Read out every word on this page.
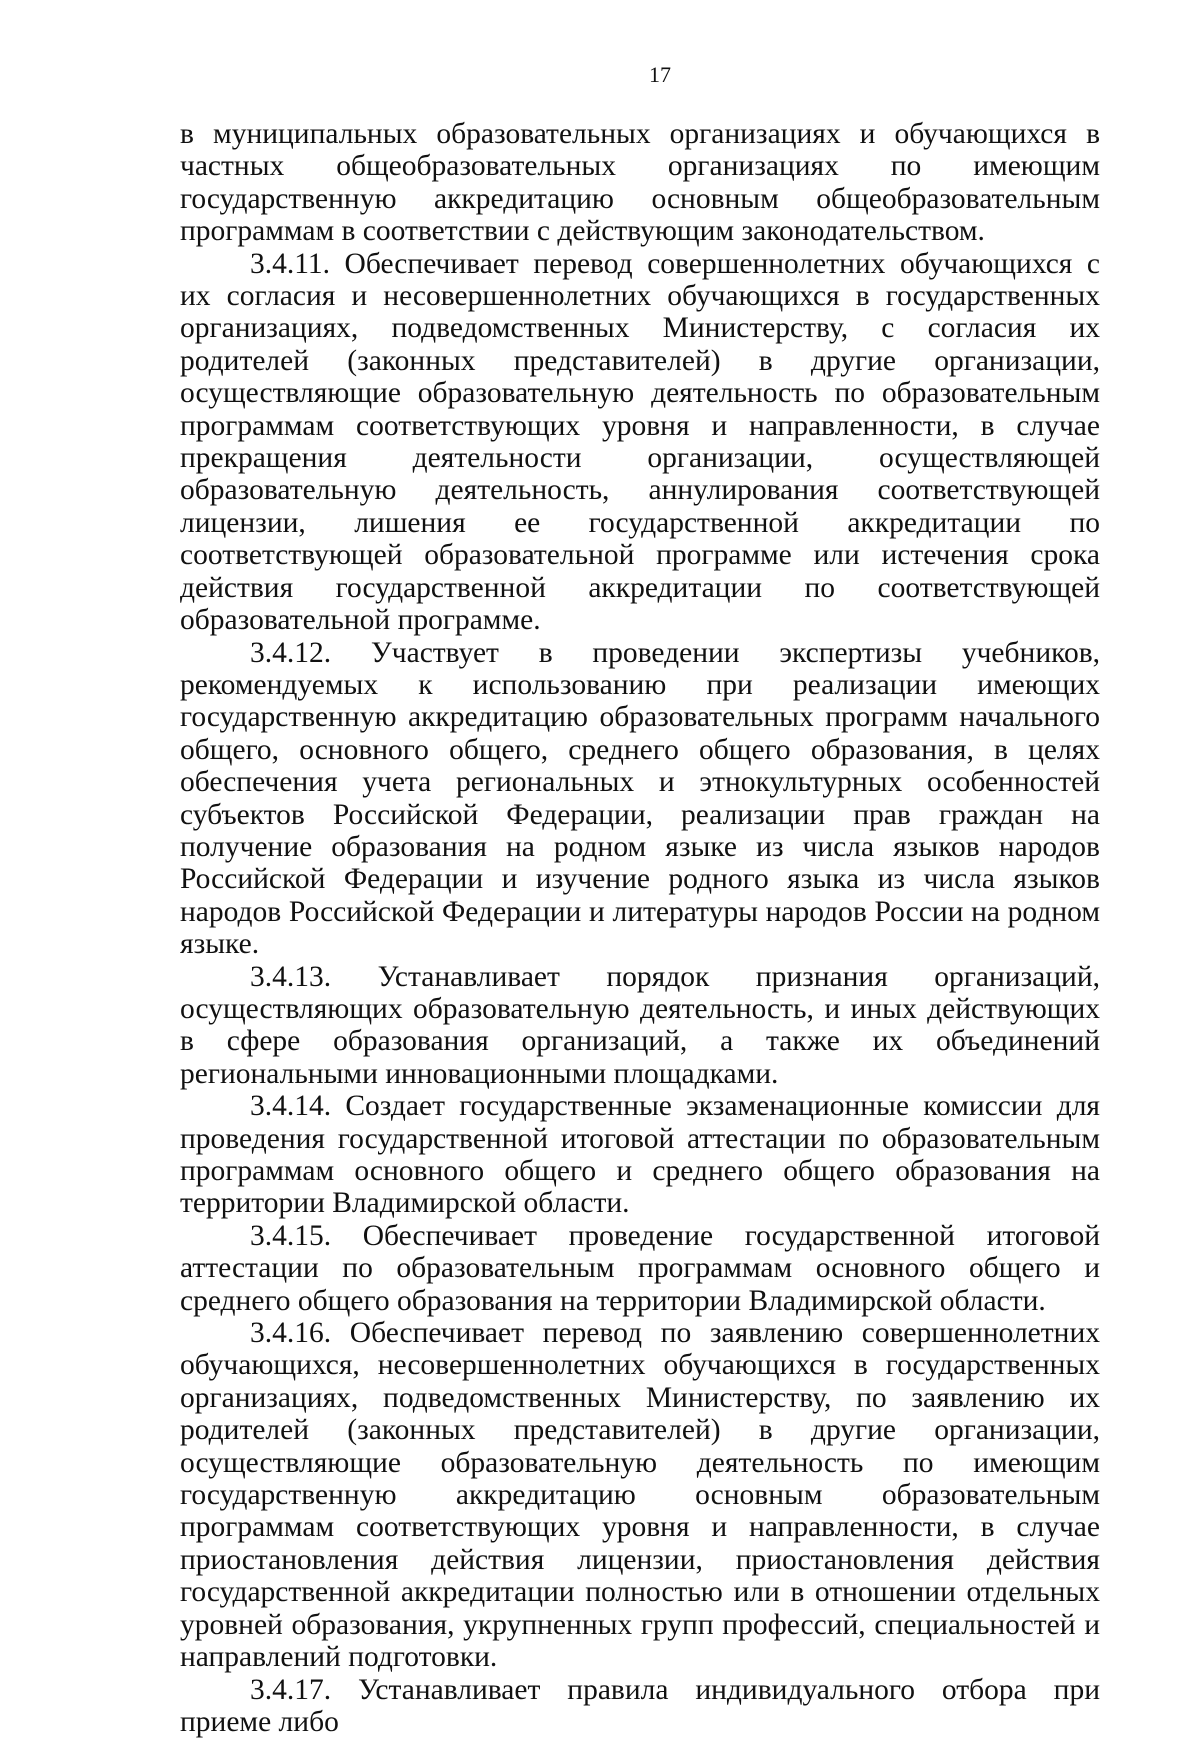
17

в муниципальных образовательных организациях и обучающихся в частных общеобразовательных организациях по имеющим государственную аккредитацию основным общеобразовательным программам в соответствии с действующим законодательством.

3.4.11. Обеспечивает перевод совершеннолетних обучающихся с их согласия и несовершеннолетних обучающихся в государственных организациях, подведомственных Министерству, с согласия их родителей (законных представителей) в другие организации, осуществляющие образовательную деятельность по образовательным программам соответствующих уровня и направленности, в случае прекращения деятельности организации, осуществляющей образовательную деятельность, аннулирования соответствующей лицензии, лишения ее государственной аккредитации по соответствующей образовательной программе или истечения срока действия государственной аккредитации по соответствующей образовательной программе.

3.4.12. Участвует в проведении экспертизы учебников, рекомендуемых к использованию при реализации имеющих государственную аккредитацию образовательных программ начального общего, основного общего, среднего общего образования, в целях обеспечения учета региональных и этнокультурных особенностей субъектов Российской Федерации, реализации прав граждан на получение образования на родном языке из числа языков народов Российской Федерации и изучение родного языка из числа языков народов Российской Федерации и литературы народов России на родном языке.

3.4.13. Устанавливает порядок признания организаций, осуществляющих образовательную деятельность, и иных действующих в сфере образования организаций, а также их объединений региональными инновационными площадками.

3.4.14. Создает государственные экзаменационные комиссии для проведения государственной итоговой аттестации по образовательным программам основного общего и среднего общего образования на территории Владимирской области.

3.4.15. Обеспечивает проведение государственной итоговой аттестации по образовательным программам основного общего и среднего общего образования на территории Владимирской области.

3.4.16. Обеспечивает перевод по заявлению совершеннолетних обучающихся, несовершеннолетних обучающихся в государственных организациях, подведомственных Министерству, по заявлению их родителей (законных представителей) в другие организации, осуществляющие образовательную деятельность по имеющим государственную аккредитацию основным образовательным программам соответствующих уровня и направленности, в случае приостановления действия лицензии, приостановления действия государственной аккредитации полностью или в отношении отдельных уровней образования, укрупненных групп профессий, специальностей и направлений подготовки.

3.4.17. Устанавливает правила индивидуального отбора при приеме либо
